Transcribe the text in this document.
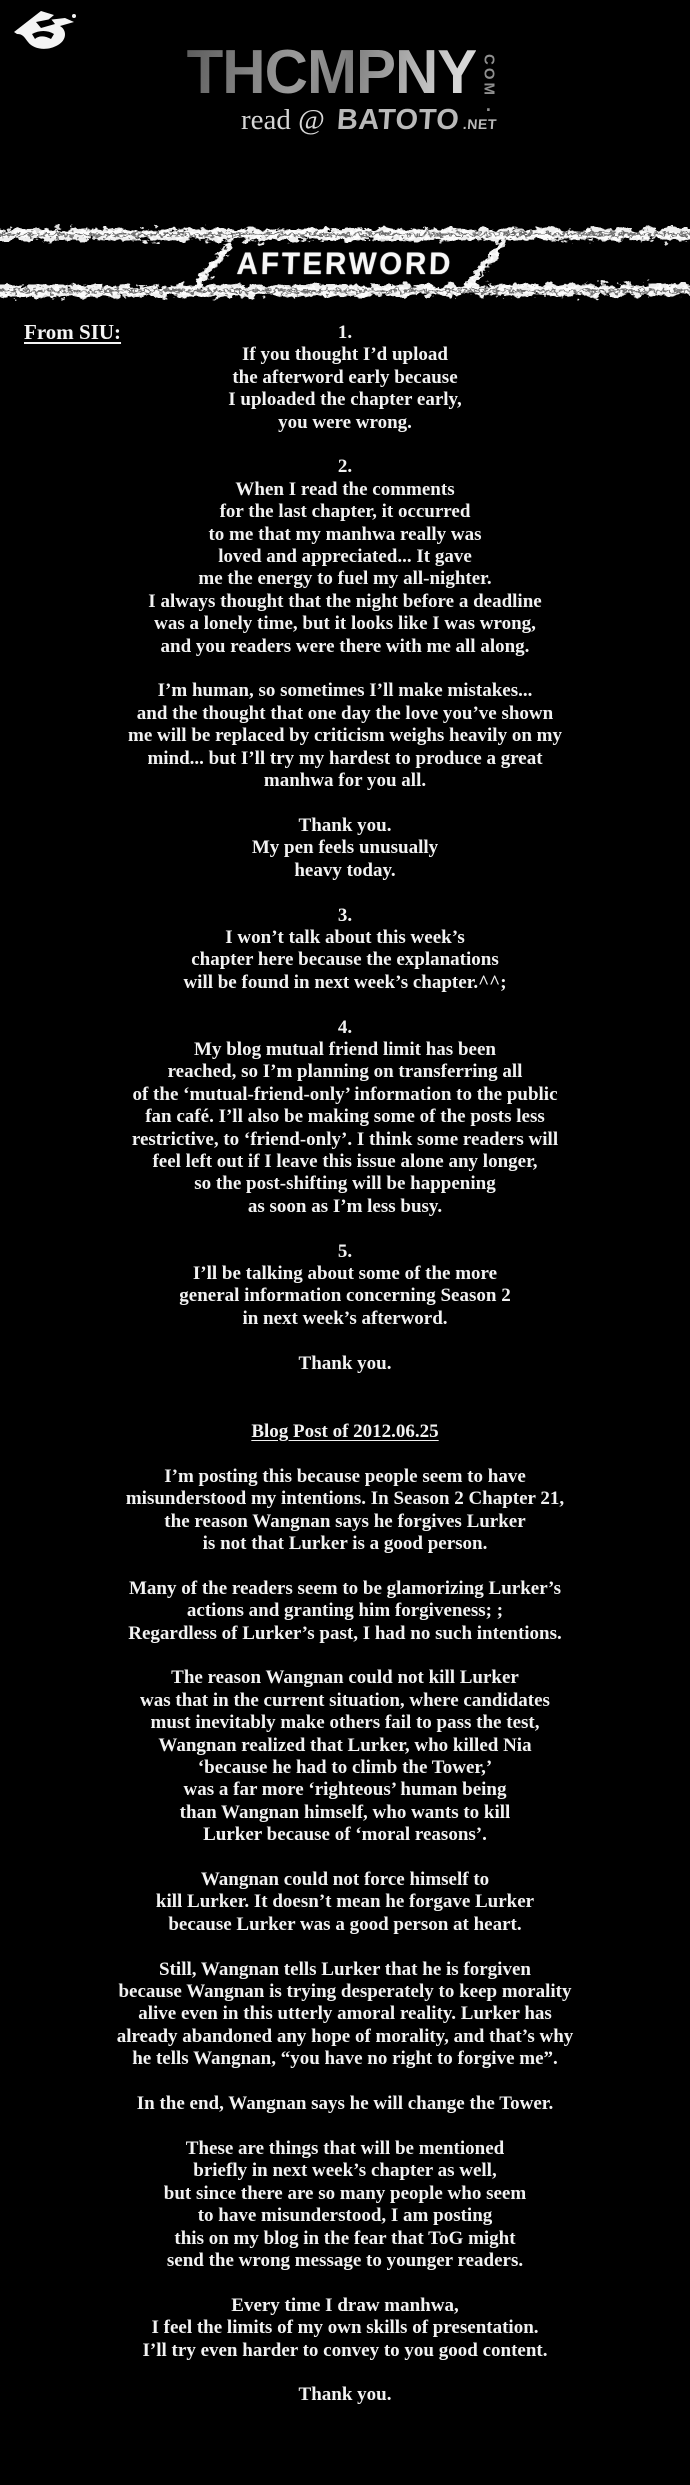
THCMPNY COM
.
read @ BATOTO .NET
AFTERWORD
From SIU:	1.
If you thought I’d upload
the afterword early because
I uploaded the chapter early,
you were wrong.
2.
When I read the comments
for the last chapter, it occurred
to me that my manhwa really was
loved and appreciated... It gave
me the energy to fuel my all-nighter.
I always thought that the night before a deadline
was a lonely time, but it looks like I was wrong,
and you readers were there with me all along.
I’m human, so sometimes I’ll make mistakes...
and the thought that one day the love you’ve shown
me will be replaced by criticism weighs heavily on my
mind... but I’ll try my hardest to produce a great
manhwa for you all.
Thank you.
My pen feels unusually
heavy today.
3.
I won’t talk about this week’s
chapter here because the explanations
will be found in next week’s chapter.^^;
4.
My blog mutual friend limit has been
reached, so I’m planning on transferring all
of the ‘mutual-friend-only’ information to the public
fan café. I’ll also be making some of the posts less
restrictive, to ‘friend-only’. I think some readers will
feel left out if I leave this issue alone any longer,
so the post-shifting will be happening
as soon as I’m less busy.
5.
I’ll be talking about some of the more
general information concerning Season 2
in next week’s afterword.
Thank you.
Blog Post of 2012.06.25
I’m posting this because people seem to have
misunderstood my intentions. In Season 2 Chapter 21,
the reason Wangnan says he forgives Lurker
is not that Lurker is a good person.
Many of the readers seem to be glamorizing Lurker’s
actions and granting him forgiveness; ;
Regardless of Lurker’s past, I had no such intentions.
The reason Wangnan could not kill Lurker
was that in the current situation, where candidates
must inevitably make others fail to pass the test,
Wangnan realized that Lurker, who killed Nia
‘because he had to climb the Tower,’
was a far more ‘righteous’ human being
than Wangnan himself, who wants to kill
Lurker because of ‘moral reasons’.
Wangnan could not force himself to
kill Lurker. It doesn’t mean he forgave Lurker
because Lurker was a good person at heart.
Still, Wangnan tells Lurker that he is forgiven
because Wangnan is trying desperately to keep morality
alive even in this utterly amoral reality. Lurker has
already abandoned any hope of morality, and that’s why
he tells Wangnan, “you have no right to forgive me”.
In the end, Wangnan says he will change the Tower.
These are things that will be mentioned
briefly in next week’s chapter as well,
but since there are so many people who seem
to have misunderstood, I am posting
this on my blog in the fear that ToG might
send the wrong message to younger readers.
Every time I draw manhwa,
I feel the limits of my own skills of presentation.
I’ll try even harder to convey to you good content.
Thank you.
